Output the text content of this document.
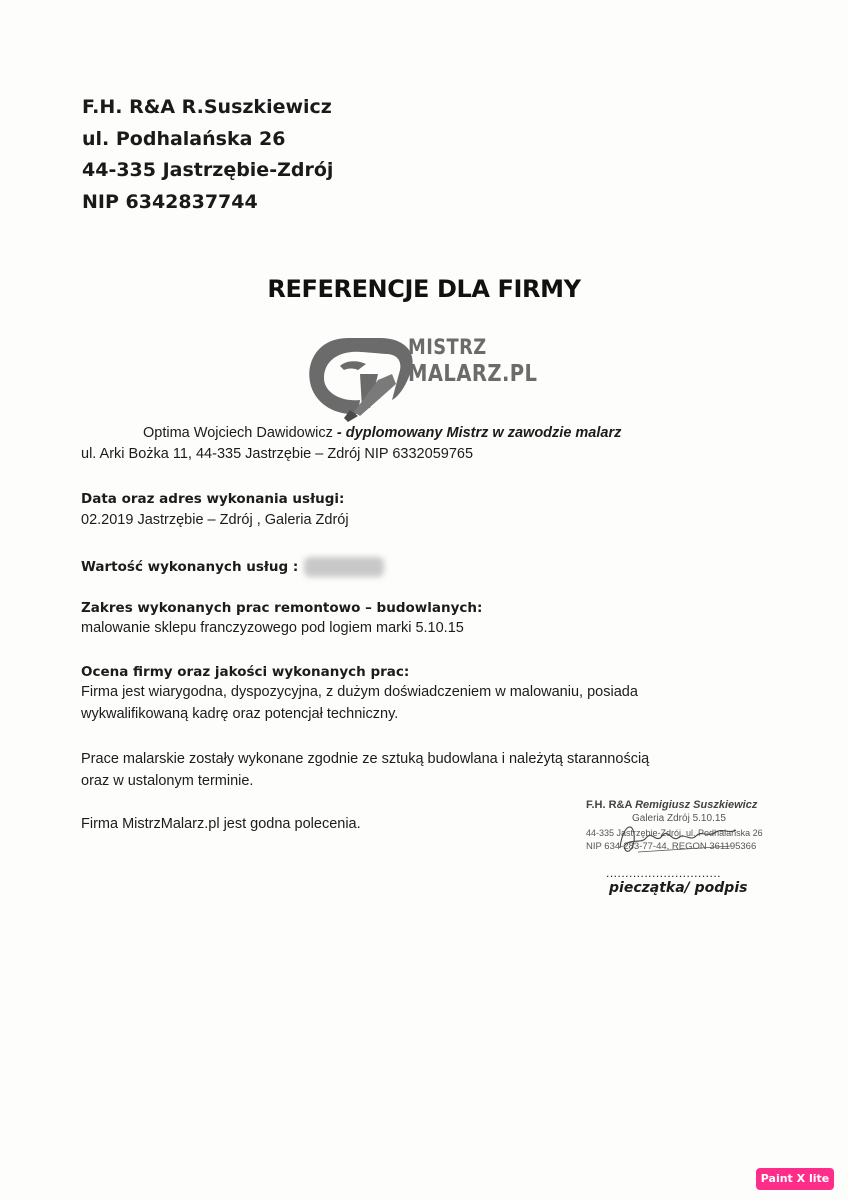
F.H. R&A R.Suszkiewicz
ul. Podhalańska 26
44-335 Jastrzębie-Zdrój
NIP 6342837744
REFERENCJE DLA FIRMY
MISTRZ
MALARZ.PL
Optima Wojciech Dawidowicz - dyplomowany Mistrz w zawodzie malarz
ul. Arki Bożka 11, 44-335 Jastrzębie – Zdrój NIP 6332059765
Data oraz adres wykonania usługi:
02.2019 Jastrzębie – Zdrój , Galeria Zdrój
Wartość wykonanych usług :
Zakres wykonanych prac remontowo – budowlanych:
malowanie sklepu franczyzowego pod logiem marki 5.10.15
Ocena firmy oraz jakości wykonanych prac:
Firma jest wiarygodna, dyspozycyjna, z dużym doświadczeniem w malowaniu, posiada
wykwalifikowaną kadrę oraz potencjał techniczny.
Prace malarskie zostały wykonane zgodnie ze sztuką budowlana i należytą starannością
oraz w ustalonym terminie.
Firma MistrzMalarz.pl jest godna polecenia.
F.H. R&A Remigiusz Suszkiewicz
Galeria Zdrój 5.10.15
44-335 Jastrzębie-Zdrój, ul. Podhalańska 26
NIP 634-283-77-44, REGON 361195366
..............................
pieczątka/ podpis
Paint X lite
